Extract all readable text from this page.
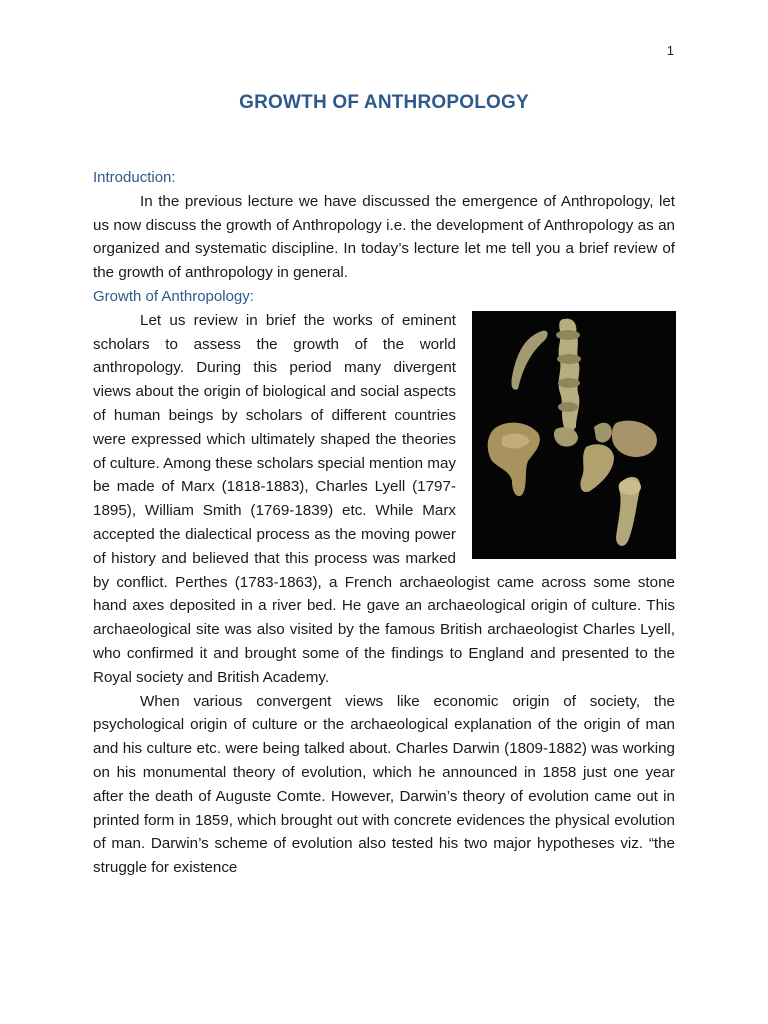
1
GROWTH OF ANTHROPOLOGY
Introduction:

In the previous lecture we have discussed the emergence of Anthropology, let us now discuss the growth of Anthropology i.e. the development of Anthropology as an organized and systematic discipline. In today’s lecture let me tell you a brief review of the growth of anthropology in general.

Growth of Anthropology:

Let us review in brief the works of eminent scholars to assess the growth of the world anthropology. During this period many divergent views about the origin of biological and social aspects of human beings by scholars of different countries were expressed which ultimately shaped the theories of culture. Among these scholars special mention may be made of Marx (1818-1883), Charles Lyell (1797-1895), William Smith (1769-1839) etc. While Marx accepted the dialectical process as the moving power of history and believed that this process was marked by conflict. Perthes (1783-1863), a French archaeologist came across some stone hand axes deposited in a river bed. He gave an archaeological origin of culture. This archaeological site was also visited by the famous British archaeologist Charles Lyell, who confirmed it and brought some of the findings to England and presented to the Royal society and British Academy.

When various convergent views like economic origin of society, the psychological origin of culture or the archaeological explanation of the origin of man and his culture etc. were being talked about. Charles Darwin (1809-1882) was working on his monumental theory of evolution, which he announced in 1858 just one year after the death of Auguste Comte. However, Darwin’s theory of evolution came out in printed form in 1859, which brought out with concrete evidences the physical evolution of man. Darwin’s scheme of evolution also tested his two major hypotheses viz. “the struggle for existence
